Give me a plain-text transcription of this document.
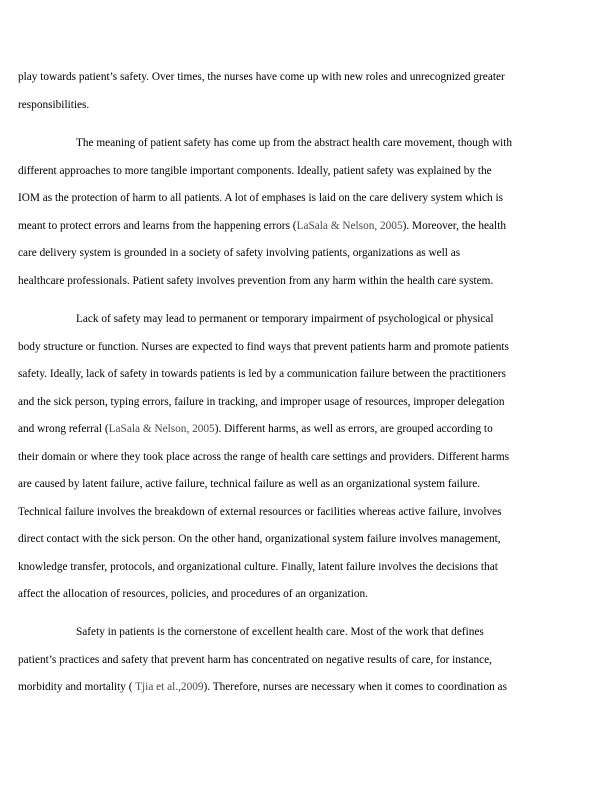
play towards patient’s safety. Over times, the nurses have come up with new roles and unrecognized greater
responsibilities.
The meaning of patient safety has come up from the abstract health care movement, though with
different approaches to more tangible important components. Ideally, patient safety was explained by the
IOM as the protection of harm to all patients. A lot of emphases is laid on the care delivery system which is
meant to protect errors and learns from the happening errors (LaSala & Nelson, 2005). Moreover, the health
care delivery system is grounded in a society of safety involving patients, organizations as well as
healthcare professionals. Patient safety involves prevention from any harm within the health care system.
Lack of safety may lead to permanent or temporary impairment of psychological or physical
body structure or function. Nurses are expected to find ways that prevent patients harm and promote patients
safety. Ideally, lack of safety in towards patients is led by a communication failure between the practitioners
and the sick person, typing errors, failure in tracking, and improper usage of resources, improper delegation
and wrong referral (LaSala & Nelson, 2005). Different harms, as well as errors, are grouped according to
their domain or where they took place across the range of health care settings and providers. Different harms
are caused by latent failure, active failure, technical failure as well as an organizational system failure.
Technical failure involves the breakdown of external resources or facilities whereas active failure, involves
direct contact with the sick person. On the other hand, organizational system failure involves management,
knowledge transfer, protocols, and organizational culture. Finally, latent failure involves the decisions that
affect the allocation of resources, policies, and procedures of an organization.
Safety in patients is the cornerstone of excellent health care. Most of the work that defines
patient’s practices and safety that prevent harm has concentrated on negative results of care, for instance,
morbidity and mortality ( Tjia et al.,2009). Therefore, nurses are necessary when it comes to coordination as
